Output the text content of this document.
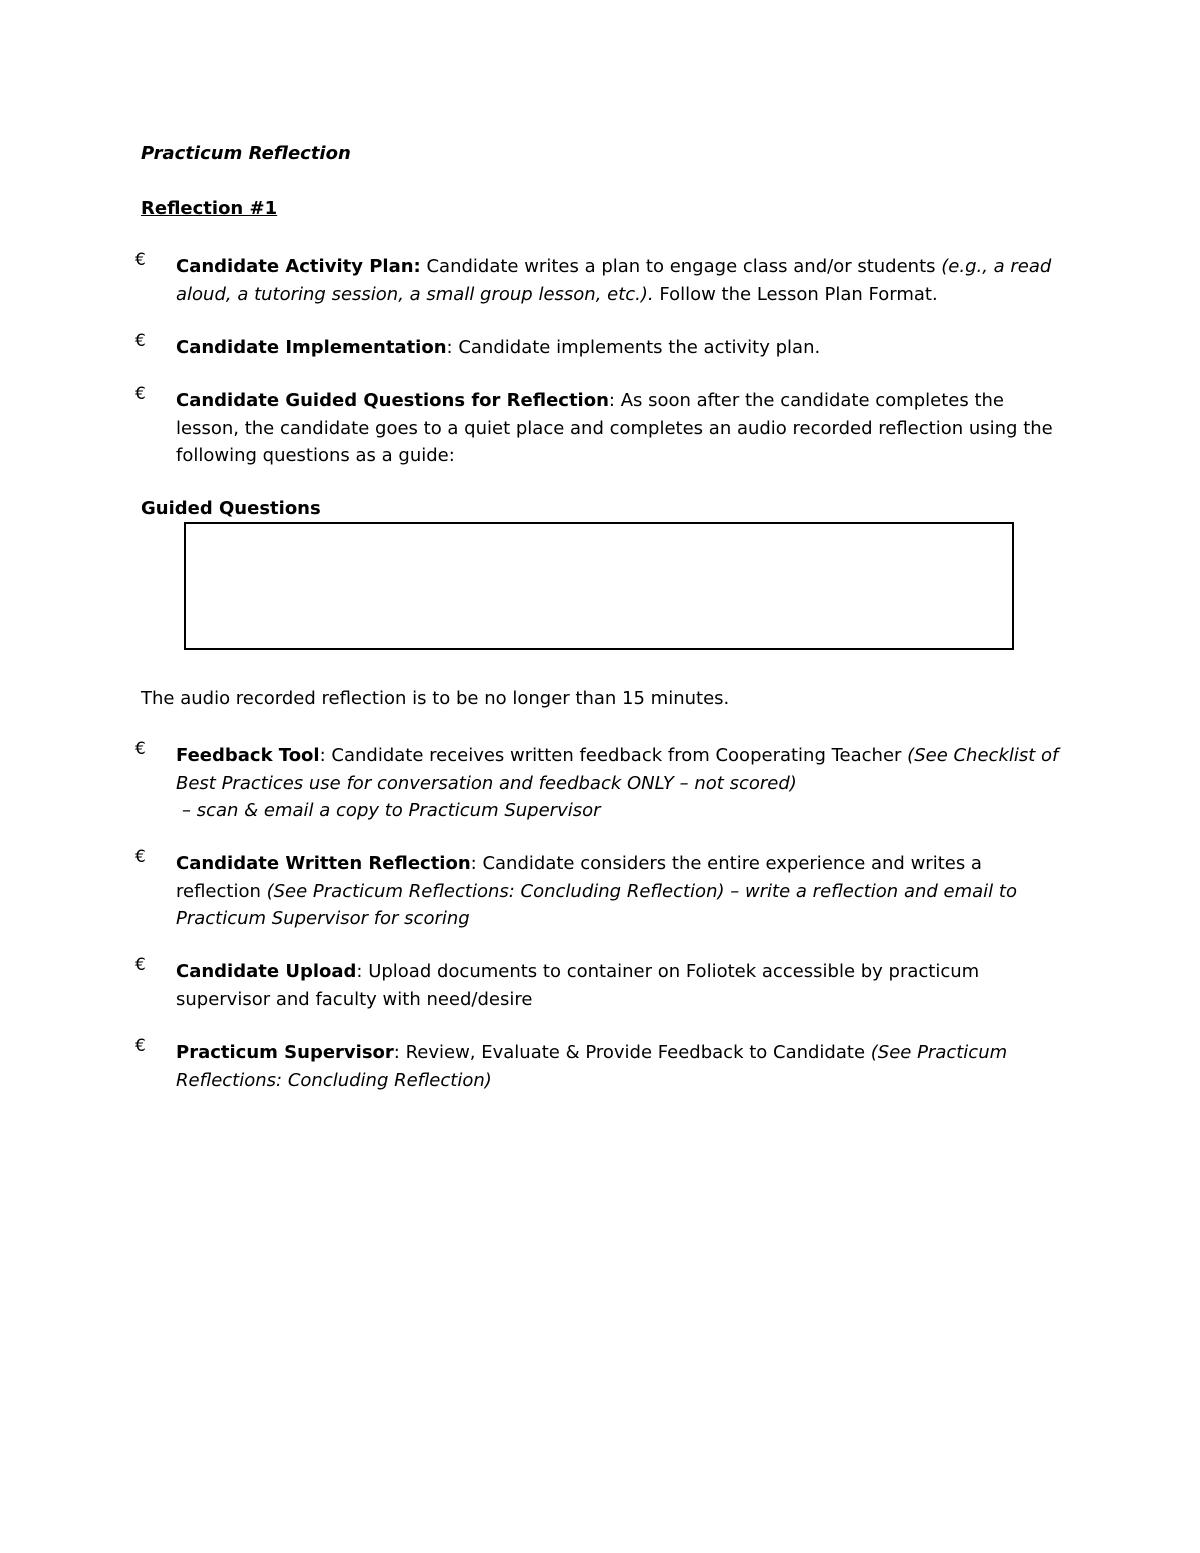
Practicum Reflection
Reflection #1
€ Candidate Activity Plan: Candidate writes a plan to engage class and/or students (e.g., a read aloud, a tutoring session, a small group lesson, etc.). Follow the Lesson Plan Format.
€ Candidate Implementation: Candidate implements the activity plan.
€ Candidate Guided Questions for Reflection: As soon after the candidate completes the lesson, the candidate goes to a quiet place and completes an audio recorded reflection using the following questions as a guide:
Guided Questions
The audio recorded reflection is to be no longer than 15 minutes.
€ Feedback Tool: Candidate receives written feedback from Cooperating Teacher (See Checklist of Best Practices use for conversation and feedback ONLY – not scored)
– scan & email a copy to Practicum Supervisor
€ Candidate Written Reflection: Candidate considers the entire experience and writes a reflection (See Practicum Reflections: Concluding Reflection) – write a reflection and email to Practicum Supervisor for scoring
€ Candidate Upload: Upload documents to container on Foliotek accessible by practicum supervisor and faculty with need/desire
€ Practicum Supervisor: Review, Evaluate & Provide Feedback to Candidate (See Practicum Reflections: Concluding Reflection)
